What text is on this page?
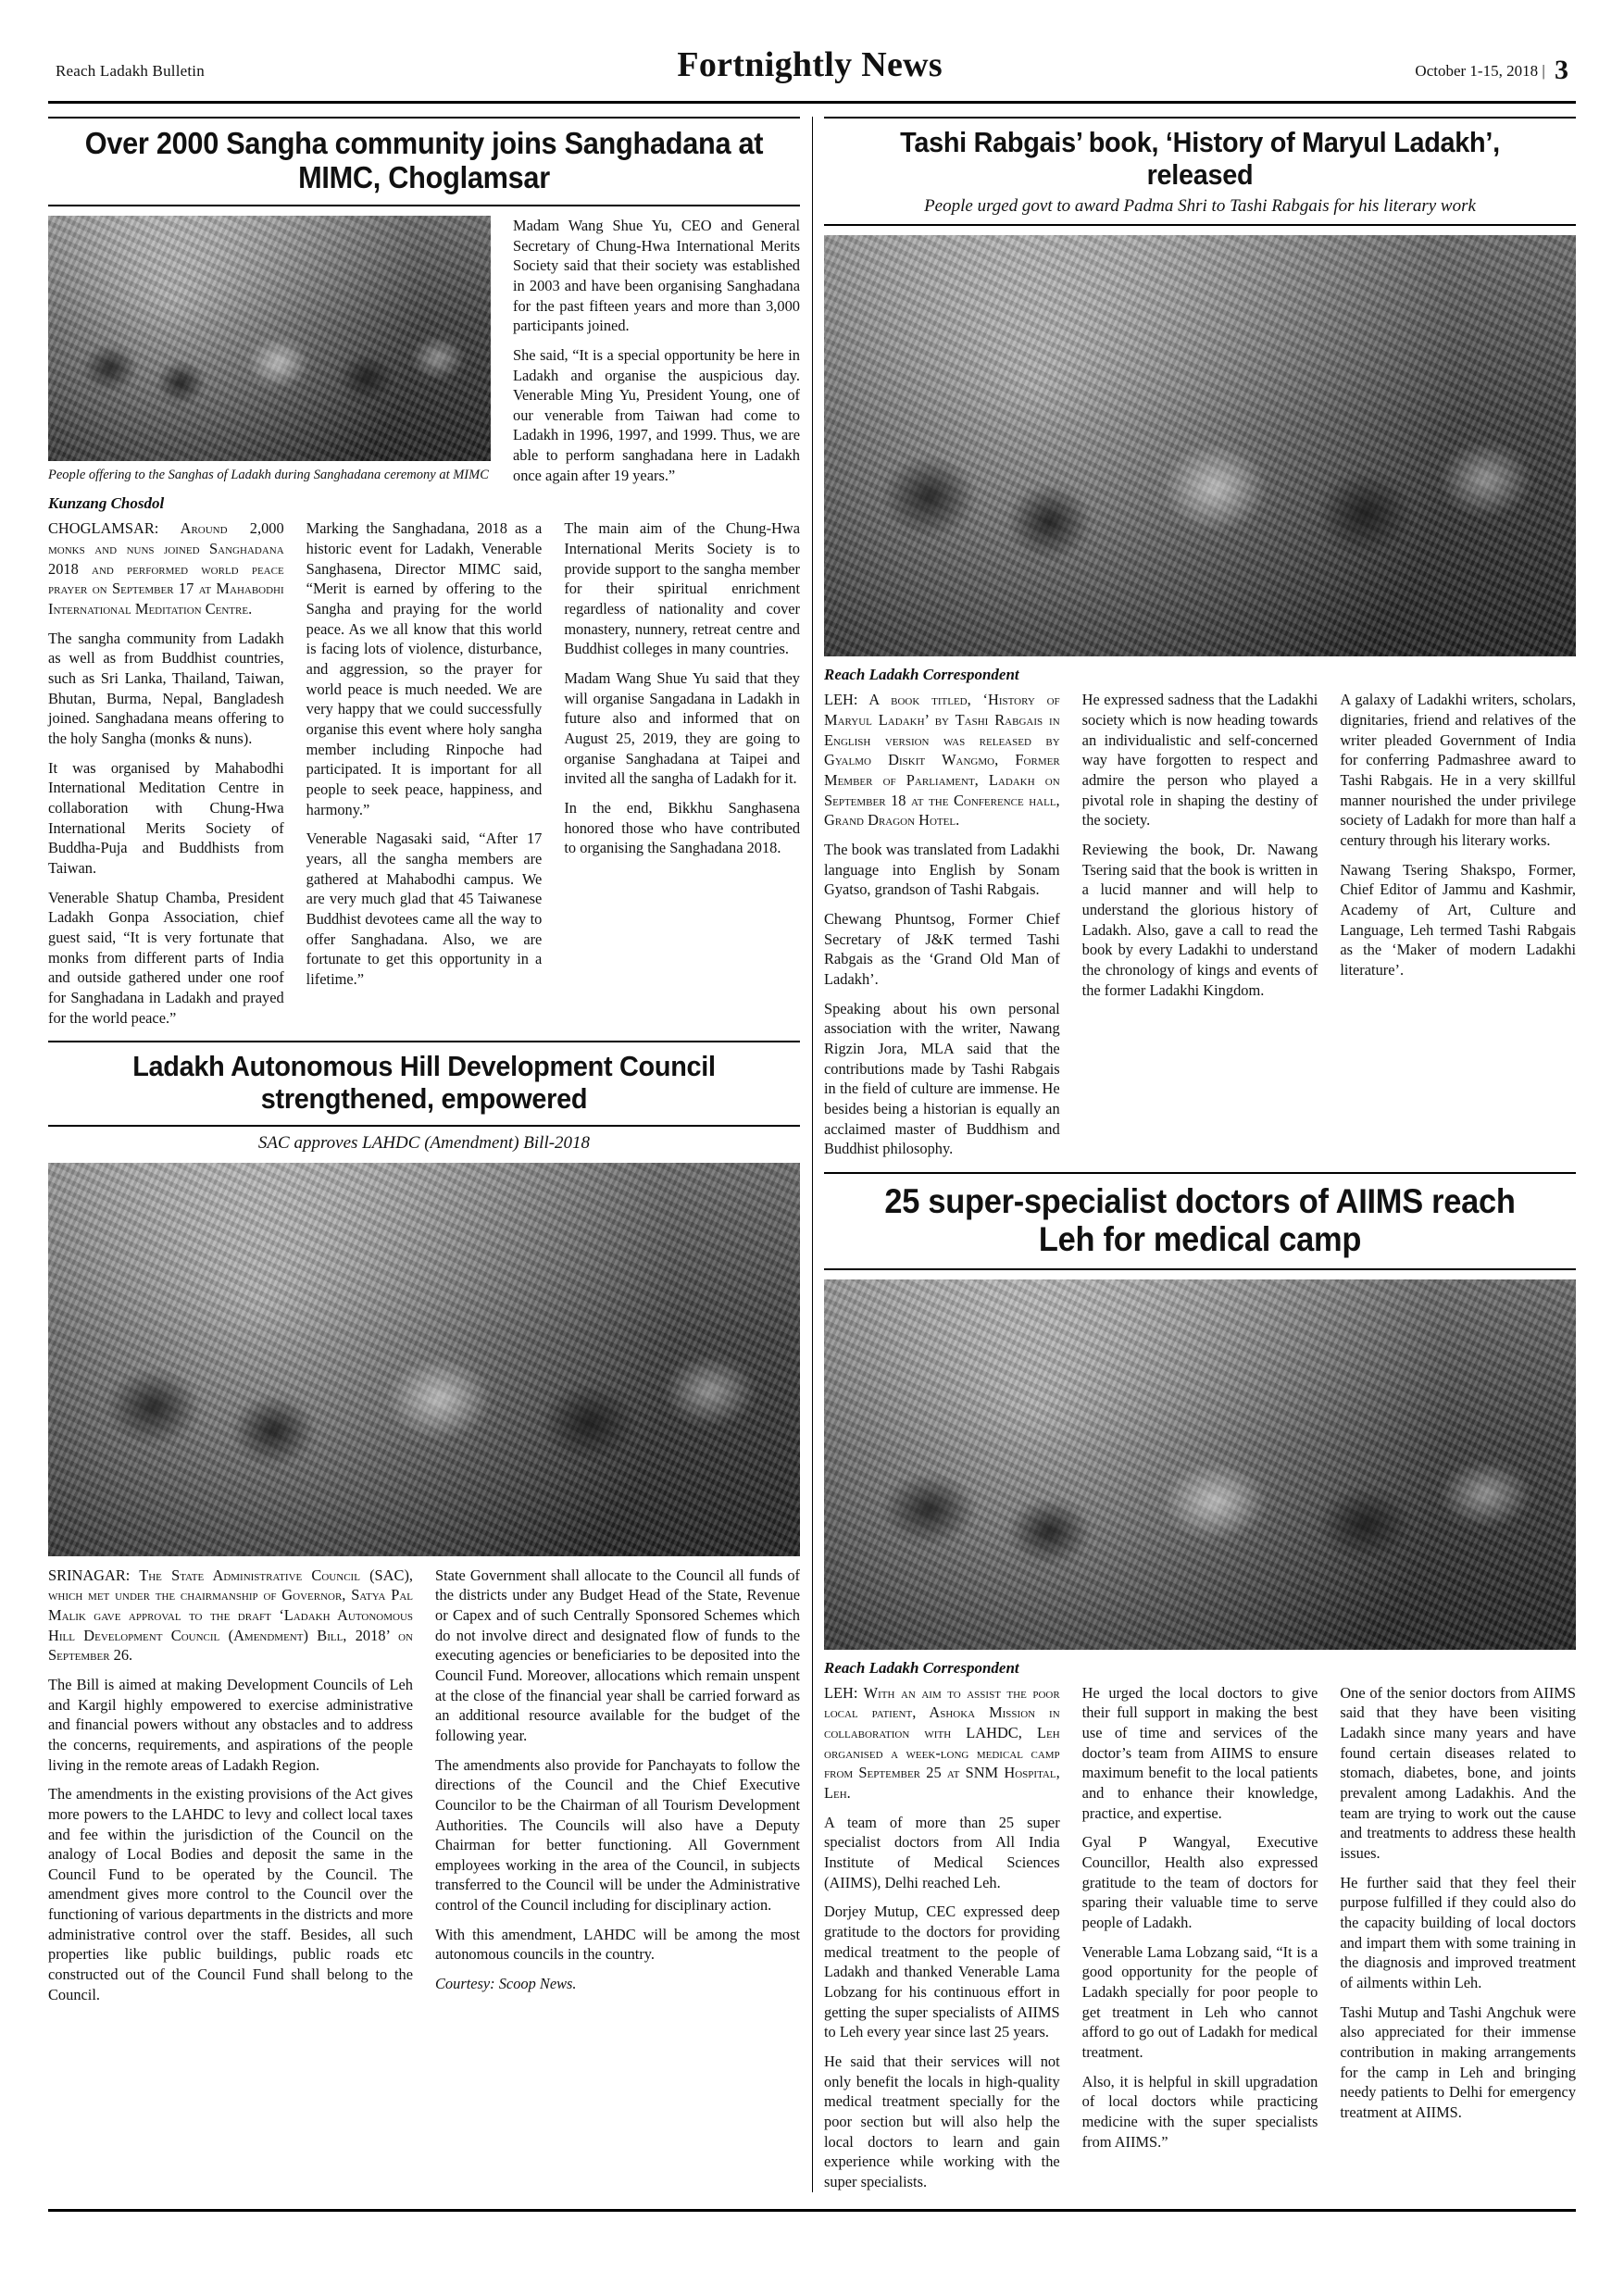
Reach Ladakh Bulletin	Fortnightly News	October 1-15, 2018 | 3
Over 2000 Sangha community joins Sanghadana at MIMC, Choglamsar
People offering to the Sanghas of Ladakh during Sanghadana ceremony at MIMC

Madam Wang Shue Yu, CEO and General Secretary of Chung-Hwa International Merits Society said that their society was established in 2003 and have been organising Sanghadana for the past fifteen years and more than 3,000 participants joined.

She said, “It is a special opportunity be here in Ladakh and organise the auspicious day. Venerable Ming Yu, President Young, one of our venerable from Taiwan had come to Ladakh in 1996, 1997, and 1999. Thus, we are able to perform sanghadana here in Ladakh once again after 19 years.”

Kunzang Chosdol

CHOGLAMSAR: Around 2,000 monks and nuns joined Sanghadana 2018 and performed world peace prayer on September 17 at Mahabodhi International Meditation Centre.

The sangha community from Ladakh as well as from Buddhist countries, such as Sri Lanka, Thailand, Taiwan, Bhutan, Burma, Nepal, Bangladesh joined. Sanghadana means offering to the holy Sangha (monks & nuns).

It was organised by Mahabodhi International Meditation Centre in collaboration with Chung-Hwa International Merits Society of Buddha-Puja and Buddhists from Taiwan.

Venerable Shatup Chamba, President Ladakh Gonpa Association, chief guest said, “It is very fortunate that monks from different parts of India and outside gathered under one roof for Sanghadana in Ladakh and prayed for the world peace.”

Marking the Sanghadana, 2018 as a historic event for Ladakh, Venerable Sanghasena, Director MIMC said, “Merit is earned by offering to the Sangha and praying for the world peace. As we all know that this world is facing lots of violence, disturbance, and aggression, so the prayer for world peace is much needed. We are very happy that we could successfully organise this event where holy sangha member including Rinpoche had participated. It is important for all people to seek peace, happiness, and harmony.”

Venerable Nagasaki said, “After 17 years, all the sangha members are gathered at Mahabodhi campus. We are very much glad that 45 Taiwanese Buddhist devotees came all the way to offer Sanghadana. Also, we are fortunate to get this opportunity in a lifetime.”

The main aim of the Chung-Hwa International Merits Society is to provide support to the sangha member for their spiritual enrichment regardless of nationality and cover monastery, nunnery, retreat centre and Buddhist colleges in many countries.

Madam Wang Shue Yu said that they will organise Sangadana in Ladakh in future also and informed that on August 25, 2019, they are going to organise Sanghadana at Taipei and invited all the sangha of Ladakh for it.

In the end, Bikkhu Sanghasena honored those who have contributed to organising the Sanghadana 2018.

Ladakh Autonomous Hill Development Council strengthened, empowered
SAC approves LAHDC (Amendment) Bill-2018

SRINAGAR: The State Administrative Council (SAC), which met under the chairmanship of Governor, Satya Pal Malik gave approval to the draft ‘Ladakh Autonomous Hill Development Council (Amendment) Bill, 2018’ on September 26.

The Bill is aimed at making Development Councils of Leh and Kargil highly empowered to exercise administrative and financial powers without any obstacles and to address the concerns, requirements, and aspirations of the people living in the remote areas of Ladakh Region.

The amendments in the existing provisions of the Act gives more powers to the LAHDC to levy and collect local taxes and fee within the jurisdiction of the Council on the analogy of Local Bodies and deposit the same in the Council Fund to be operated by the Council. The amendment gives more control to the Council over the functioning of various departments in the districts and more administrative control over the staff. Besides, all such properties like public buildings, public roads etc constructed out of the Council Fund shall belong to the Council.

State Government shall allocate to the Council all funds of the districts under any Budget Head of the State, Revenue or Capex and of such Centrally Sponsored Schemes which do not involve direct and designated flow of funds to the executing agencies or beneficiaries to be deposited into the Council Fund. Moreover, allocations which remain unspent at the close of the financial year shall be carried forward as an additional resource available for the budget of the following year.

The amendments also provide for Panchayats to follow the directions of the Council and the Chief Executive Councilor to be the Chairman of all Tourism Development Authorities. The Councils will also have a Deputy Chairman for better functioning. All Government employees working in the area of the Council, in subjects transferred to the Council will be under the Administrative control of the Council including for disciplinary action.

With this amendment, LAHDC will be among the most autonomous councils in the country.

Courtesy: Scoop News.

Tashi Rabgais’ book, ‘History of Maryul Ladakh’, released
People urged govt to award Padma Shri to Tashi Rabgais for his literary work
Reach Ladakh Correspondent

LEH: A book titled, ‘History of Maryul Ladakh’ by Tashi Rabgais in English version was released by Gyalmo Diskit Wangmo, Former Member of Parliament, Ladakh on September 18 at the Conference hall, Grand Dragon Hotel.

The book was translated from Ladakhi language into English by Sonam Gyatso, grandson of Tashi Rabgais.

Chewang Phuntsog, Former Chief Secretary of J&K termed Tashi Rabgais as the ‘Grand Old Man of Ladakh’.

Speaking about his own personal association with the writer, Nawang Rigzin Jora, MLA said that the contributions made by Tashi Rabgais in the field of culture are immense. He besides being a historian is equally an acclaimed master of Buddhism and Buddhist philosophy.

He expressed sadness that the Ladakhi society which is now heading towards an individualistic and self-concerned way have forgotten to respect and admire the person who played a pivotal role in shaping the destiny of the society.

Reviewing the book, Dr. Nawang Tsering said that the book is written in a lucid manner and will help to understand the glorious history of Ladakh. Also, gave a call to read the book by every Ladakhi to understand the chronology of kings and events of the former Ladakhi Kingdom.

A galaxy of Ladakhi writers, scholars, dignitaries, friend and relatives of the writer pleaded Government of India for conferring Padmashree award to Tashi Rabgais. He in a very skillful manner nourished the under privilege society of Ladakh for more than half a century through his literary works.

Nawang Tsering Shakspo, Former, Chief Editor of Jammu and Kashmir, Academy of Art, Culture and Language, Leh termed Tashi Rabgais as the ‘Maker of modern Ladakhi literature’.

25 super-specialist doctors of AIIMS reach Leh for medical camp
Reach Ladakh Correspondent

LEH: With an aim to assist the poor local patient, Ashoka Mission in collaboration with LAHDC, Leh organised a week-long medical camp from September 25 at SNM Hospital, Leh.

A team of more than 25 super specialist doctors from All India Institute of Medical Sciences (AIIMS), Delhi reached Leh.

Dorjey Mutup, CEC expressed deep gratitude to the doctors for providing medical treatment to the people of Ladakh and thanked Venerable Lama Lobzang for his continuous effort in getting the super specialists of AIIMS to Leh every year since last 25 years.

He said that their services will not only benefit the locals in high-quality medical treatment specially for the poor section but will also help the local doctors to learn and gain experience while working with the super specialists.

He urged the local doctors to give their full support in making the best use of time and services of the doctor’s team from AIIMS to ensure maximum benefit to the local patients and to enhance their knowledge, practice, and expertise.

Gyal P Wangyal, Executive Councillor, Health also expressed gratitude to the team of doctors for sparing their valuable time to serve people of Ladakh.

Venerable Lama Lobzang said, “It is a good opportunity for the people of Ladakh specially for poor people to get treatment in Leh who cannot afford to go out of Ladakh for medical treatment.

Also, it is helpful in skill upgradation of local doctors while practicing medicine with the super specialists from AIIMS.”

One of the senior doctors from AIIMS said that they have been visiting Ladakh since many years and have found certain diseases related to stomach, diabetes, bone, and joints prevalent among Ladakhis. And the team are trying to work out the cause and treatments to address these health issues.

He further said that they feel their purpose fulfilled if they could also do the capacity building of local doctors and impart them with some training in the diagnosis and improved treatment of ailments within Leh.

Tashi Mutup and Tashi Angchuk were also appreciated for their immense contribution in making arrangements for the camp in Leh and bringing needy patients to Delhi for emergency treatment at AIIMS.
